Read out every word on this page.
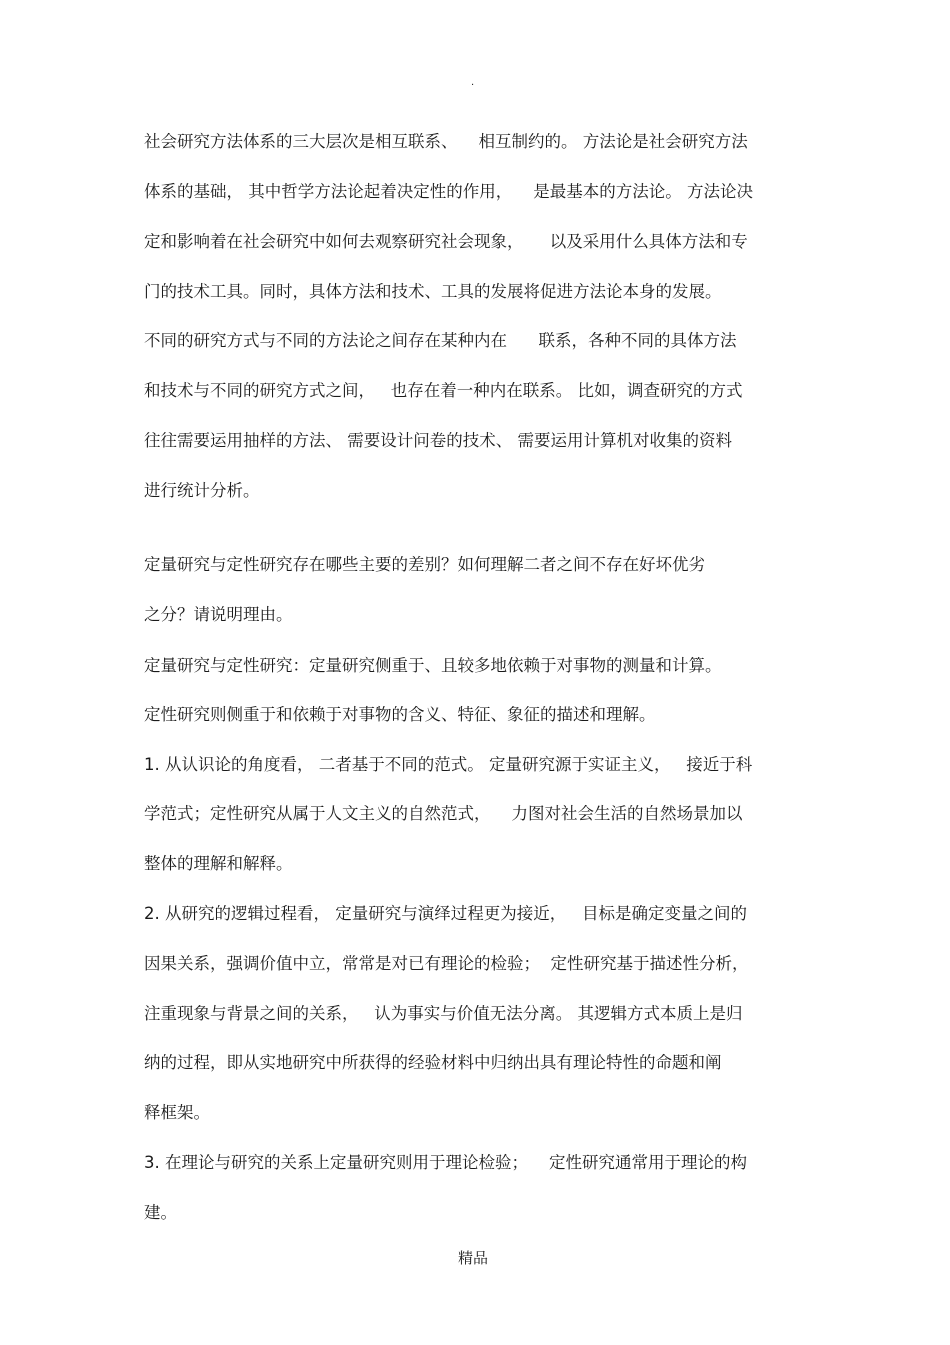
.
社会研究方法体系的三大层次是相互联系、    相互制约的。 方法论是社会研究方法
体系的基础， 其中哲学方法论起着决定性的作用，    是最基本的方法论。 方法论决
定和影响着在社会研究中如何去观察研究社会现象，     以及采用什么具体方法和专
门的技术工具。同时，具体方法和技术、工具的发展将促进方法论本身的发展。
不同的研究方式与不同的方法论之间存在某种内在      联系，各种不同的具体方法
和技术与不同的研究方式之间，   也存在着一种内在联系。 比如，调查研究的方式
往往需要运用抽样的方法、 需要设计问卷的技术、 需要运用计算机对收集的资料
进行统计分析。
定量研究与定性研究存在哪些主要的差别？如何理解二者之间不存在好坏优劣
之分？请说明理由。
定量研究与定性研究：定量研究侧重于、且较多地依赖于对事物的测量和计算。
定性研究则侧重于和依赖于对事物的含义、特征、象征的描述和理解。
1. 从认识论的角度看， 二者基于不同的范式。 定量研究源于实证主义，   接近于科
学范式；定性研究从属于人文主义的自然范式，    力图对社会生活的自然场景加以
整体的理解和解释。
2. 从研究的逻辑过程看， 定量研究与演绎过程更为接近，   目标是确定变量之间的
因果关系，强调价值中立，常常是对已有理论的检验；  定性研究基于描述性分析，
注重现象与背景之间的关系，   认为事实与价值无法分离。 其逻辑方式本质上是归
纳的过程，即从实地研究中所获得的经验材料中归纳出具有理论特性的命题和阐
释框架。
3. 在理论与研究的关系上定量研究则用于理论检验；    定性研究通常用于理论的构
建。
精品
